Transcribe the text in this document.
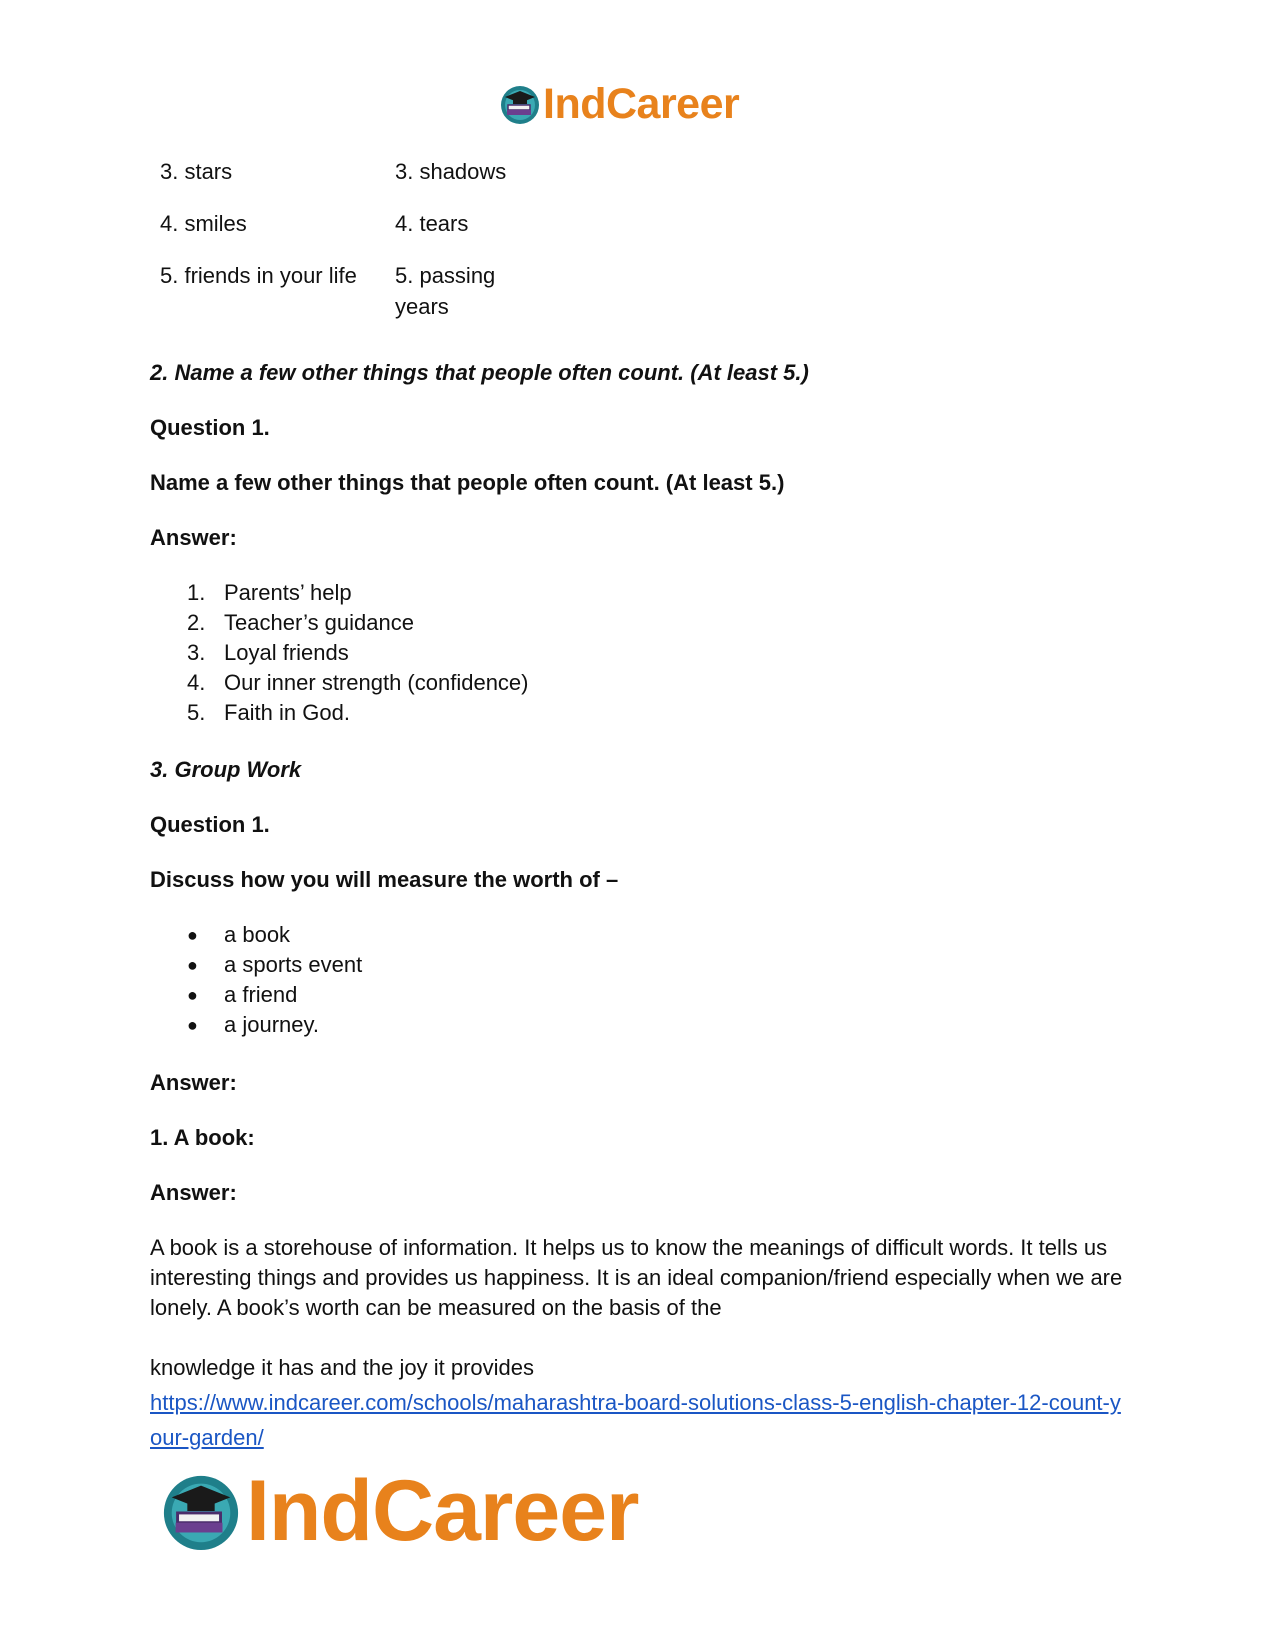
IndCareer
3. stars	3. shadows
4. smiles	4. tears
5. friends in your life 5. passing
years
2. Name a few other things that people often count. (At least 5.)
Question 1.
Name a few other things that people often count. (At least 5.)
Answer:
1. Parents’ help
2. Teacher’s guidance
3. Loyal friends
4. Our inner strength (confidence)
5. Faith in God.
3. Group Work
Question 1.
Discuss how you will measure the worth of –
● a book
● a sports event
● a friend
● a journey.
Answer:
1. A book:
Answer:
A book is a storehouse of information. It helps us to know the meanings of difficult words. It tells us interesting things and provides us happiness. It is an ideal companion/friend especially when we are lonely. A book’s worth can be measured on the basis of the
knowledge it has and the joy it provides
https://www.indcareer.com/schools/maharashtra-board-solutions-class-5-english-chapter-12-count-your-garden/
IndCareer
